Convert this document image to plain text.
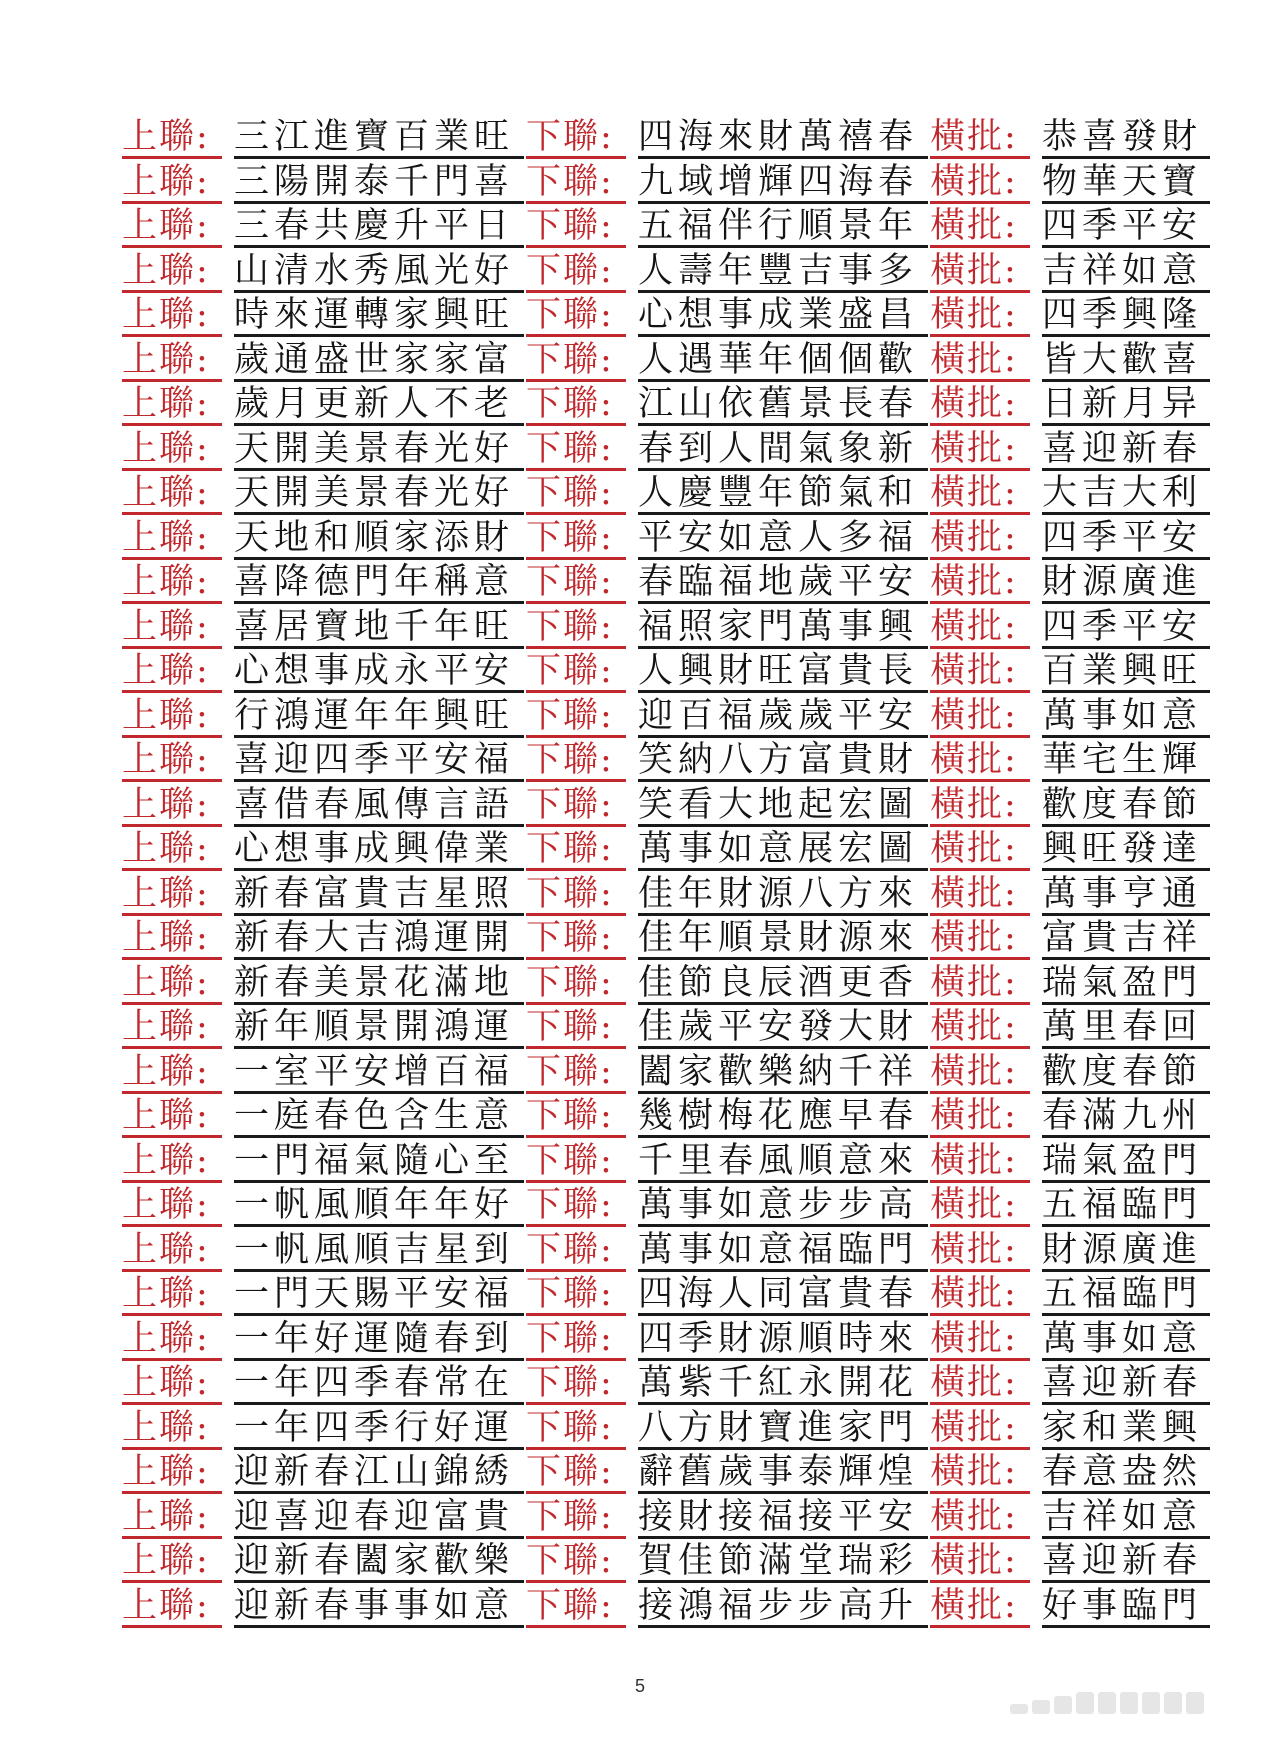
上聯: 三江進寶百業旺 下聯: 四海來財萬禧春 橫批: 恭喜發財
上聯: 三陽開泰千門喜 下聯: 九域增輝四海春 橫批: 物華天寶
上聯: 三春共慶升平日 下聯: 五福伴行順景年 橫批: 四季平安
上聯: 山清水秀風光好 下聯: 人壽年豐吉事多 橫批: 吉祥如意
上聯: 時來運轉家興旺 下聯: 心想事成業盛昌 橫批: 四季興隆
上聯: 歲通盛世家家富 下聯: 人遇華年個個歡 橫批: 皆大歡喜
上聯: 歲月更新人不老 下聯: 江山依舊景長春 橫批: 日新月异
上聯: 天開美景春光好 下聯: 春到人間氣象新 橫批: 喜迎新春
上聯: 天開美景春光好 下聯: 人慶豐年節氣和 橫批: 大吉大利
上聯: 天地和順家添財 下聯: 平安如意人多福 橫批: 四季平安
上聯: 喜降德門年稱意 下聯: 春臨福地歲平安 橫批: 財源廣進
上聯: 喜居寶地千年旺 下聯: 福照家門萬事興 橫批: 四季平安
上聯: 心想事成永平安 下聯: 人興財旺富貴長 橫批: 百業興旺
上聯: 行鴻運年年興旺 下聯: 迎百福歲歲平安 橫批: 萬事如意
上聯: 喜迎四季平安福 下聯: 笑納八方富貴財 橫批: 華宅生輝
上聯: 喜借春風傳言語 下聯: 笑看大地起宏圖 橫批: 歡度春節
上聯: 心想事成興偉業 下聯: 萬事如意展宏圖 橫批: 興旺發達
上聯: 新春富貴吉星照 下聯: 佳年財源八方來 橫批: 萬事亨通
上聯: 新春大吉鴻運開 下聯: 佳年順景財源來 橫批: 富貴吉祥
上聯: 新春美景花滿地 下聯: 佳節良辰酒更香 橫批: 瑞氣盈門
上聯: 新年順景開鴻運 下聯: 佳歲平安發大財 橫批: 萬里春回
上聯: 一室平安增百福 下聯: 闔家歡樂納千祥 橫批: 歡度春節
上聯: 一庭春色含生意 下聯: 幾樹梅花應早春 橫批: 春滿九州
上聯: 一門福氣隨心至 下聯: 千里春風順意來 橫批: 瑞氣盈門
上聯: 一帆風順年年好 下聯: 萬事如意步步高 橫批: 五福臨門
上聯: 一帆風順吉星到 下聯: 萬事如意福臨門 橫批: 財源廣進
上聯: 一門天賜平安福 下聯: 四海人同富貴春 橫批: 五福臨門
上聯: 一年好運隨春到 下聯: 四季財源順時來 橫批: 萬事如意
上聯: 一年四季春常在 下聯: 萬紫千紅永開花 橫批: 喜迎新春
上聯: 一年四季行好運 下聯: 八方財寶進家門 橫批: 家和業興
上聯: 迎新春江山錦綉 下聯: 辭舊歲事泰輝煌 橫批: 春意盎然
上聯: 迎喜迎春迎富貴 下聯: 接財接福接平安 橫批: 吉祥如意
上聯: 迎新春闔家歡樂 下聯: 賀佳節滿堂瑞彩 橫批: 喜迎新春
上聯: 迎新春事事如意 下聯: 接鴻福步步高升 橫批: 好事臨門
5
